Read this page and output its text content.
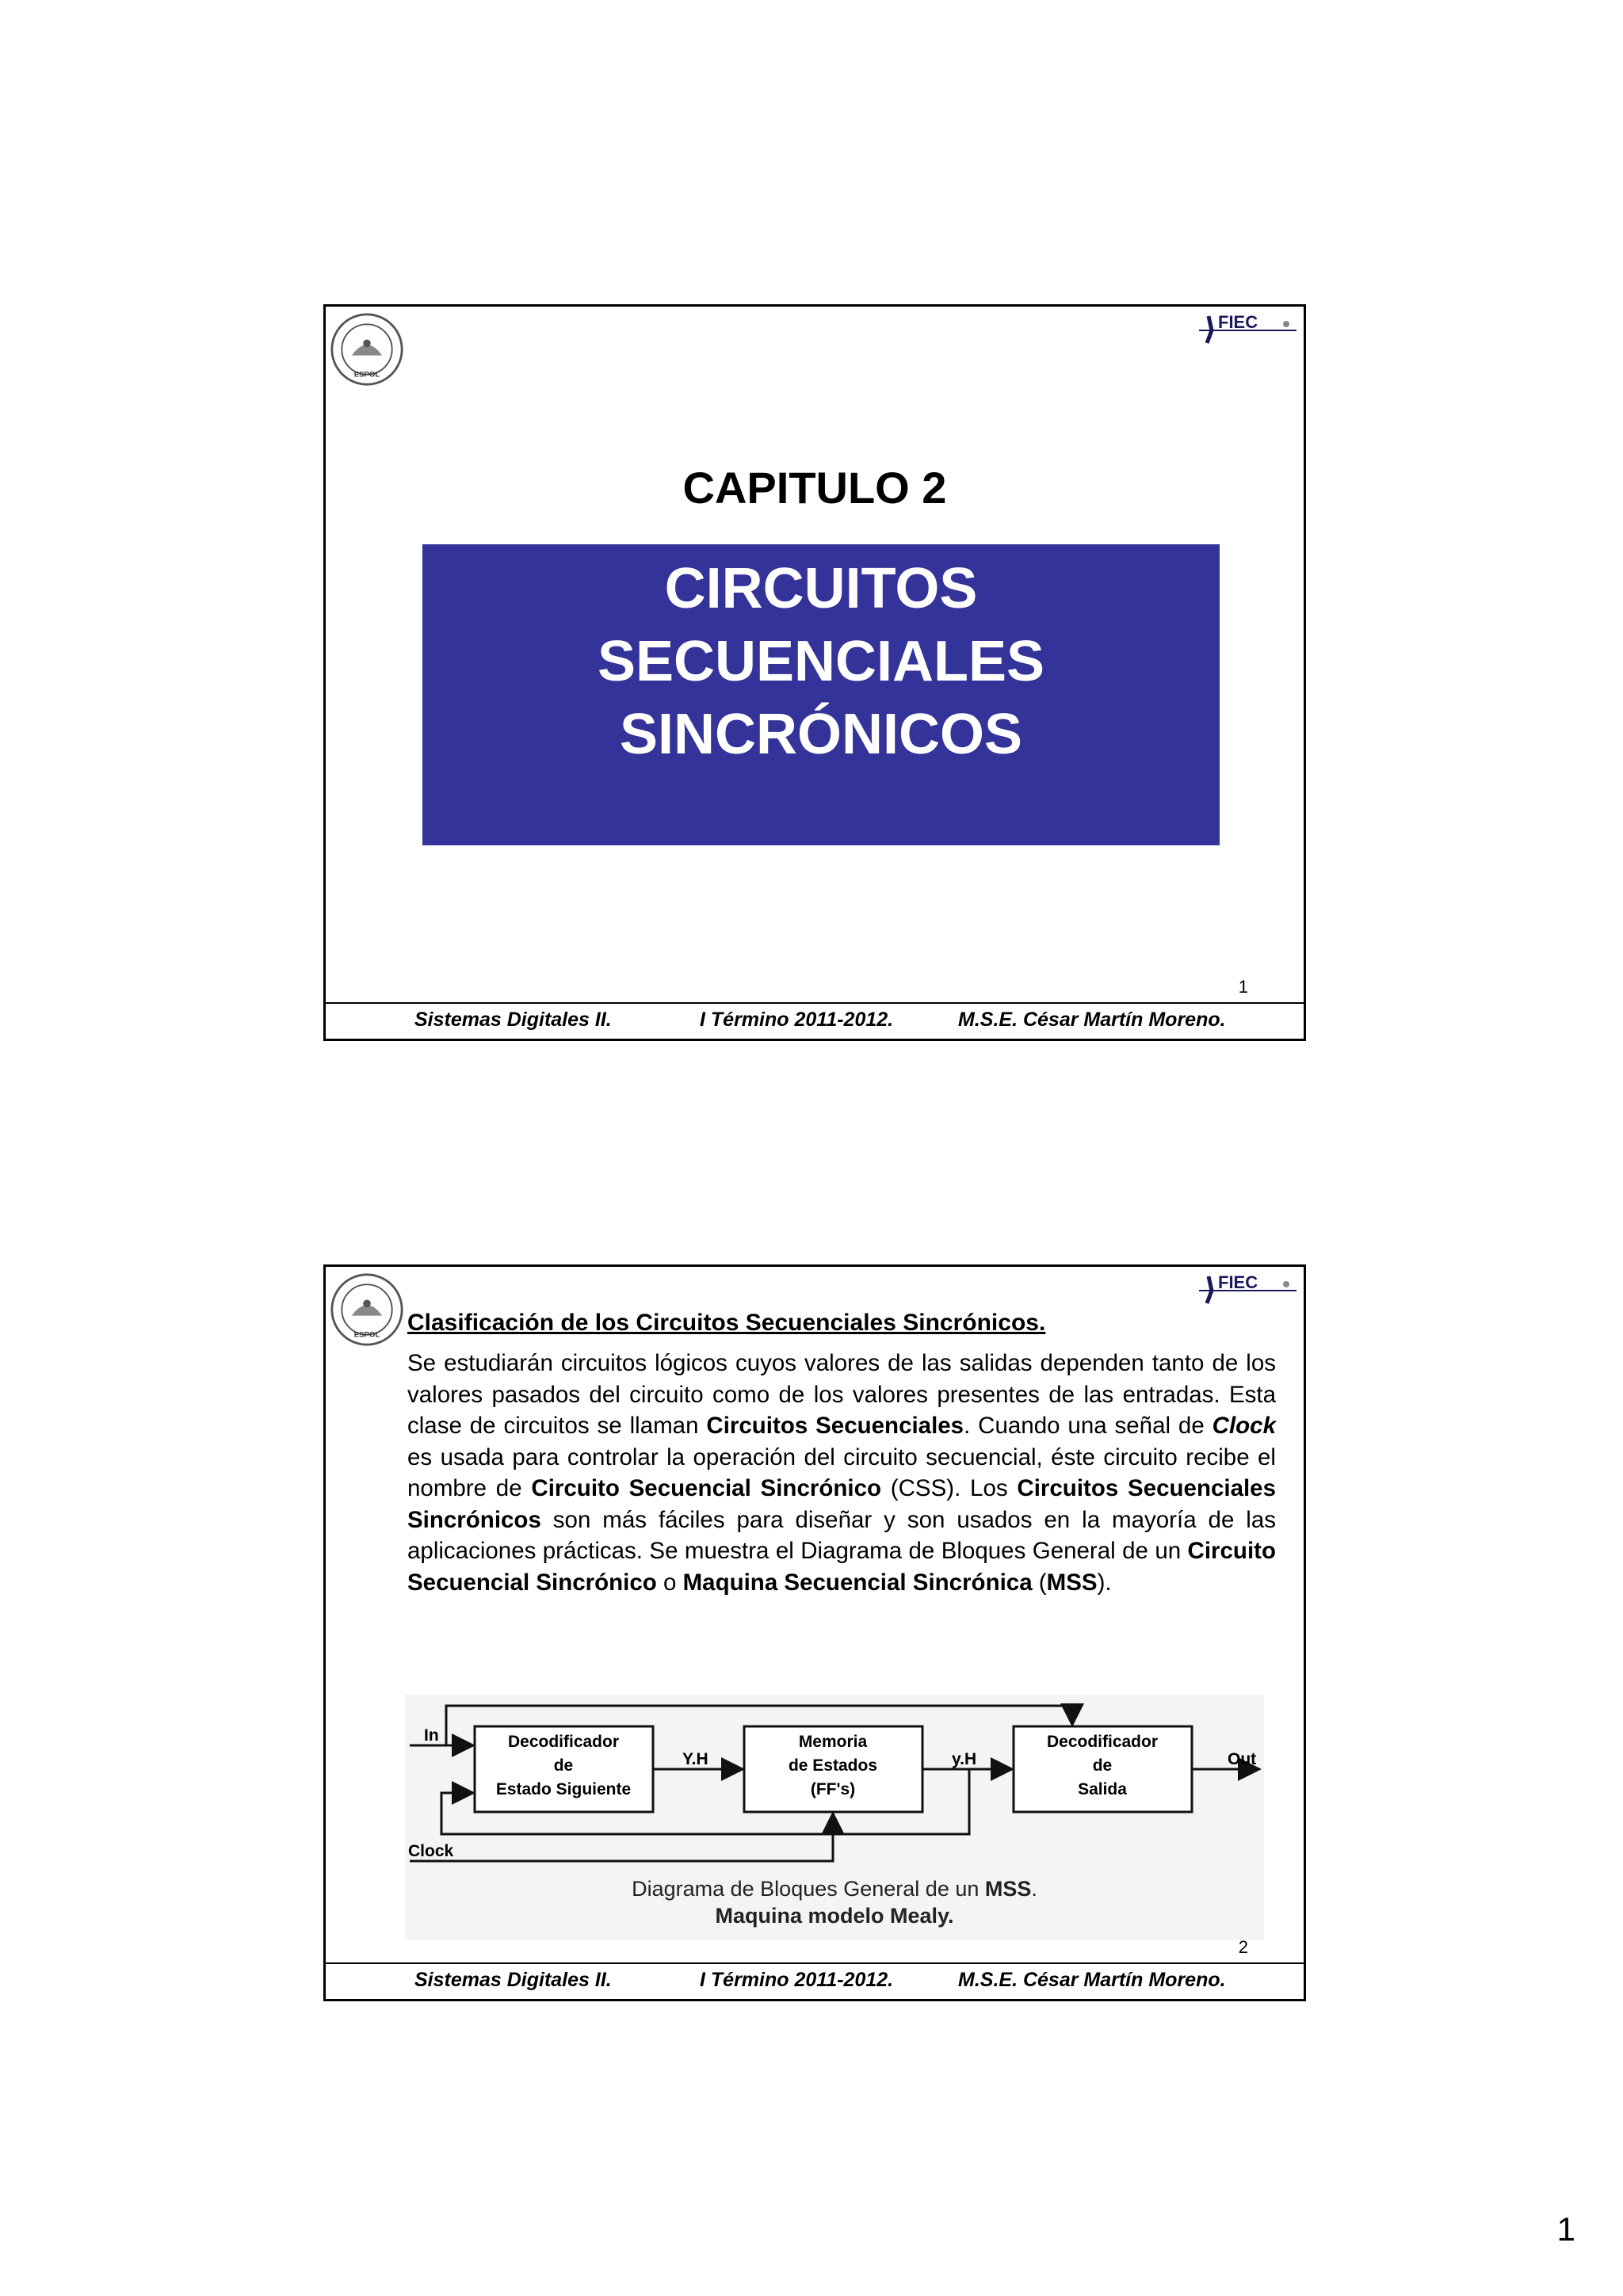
ESPOL
FIEC
CAPITULO 2
CIRCUITOS
SECUENCIALES
SINCRÓNICOS
1
Sistemas Digitales II.	I Término 2011-2012.	M.S.E. César Martín Moreno.
ESPOL
FIEC
Clasificación de los Circuitos Secuenciales Sincrónicos.
Se estudiarán circuitos lógicos cuyos valores de las salidas dependen tanto de los valores pasados del circuito como de los valores presentes de las entradas. Esta clase de circuitos se llaman Circuitos Secuenciales. Cuando una señal de Clock es usada para controlar la operación del circuito secuencial, éste circuito recibe el nombre de Circuito Secuencial Sincrónico (CSS). Los Circuitos Secuenciales Sincrónicos son más fáciles para diseñar y son usados en la mayoría de las aplicaciones prácticas. Se muestra el Diagrama de Bloques General de un Circuito Secuencial Sincrónico o Maquina Secuencial Sincrónica (MSS).
Decodificador
de
Estado Siguiente
Memoria
de Estados
(FF's)
Decodificador
de
Salida
In
Out
Y.H	y.H
Clock
Diagrama de Bloques General de un MSS.
Maquina modelo Mealy.
2
Sistemas Digitales II.	I Término 2011-2012.	M.S.E. César Martín Moreno.
1
